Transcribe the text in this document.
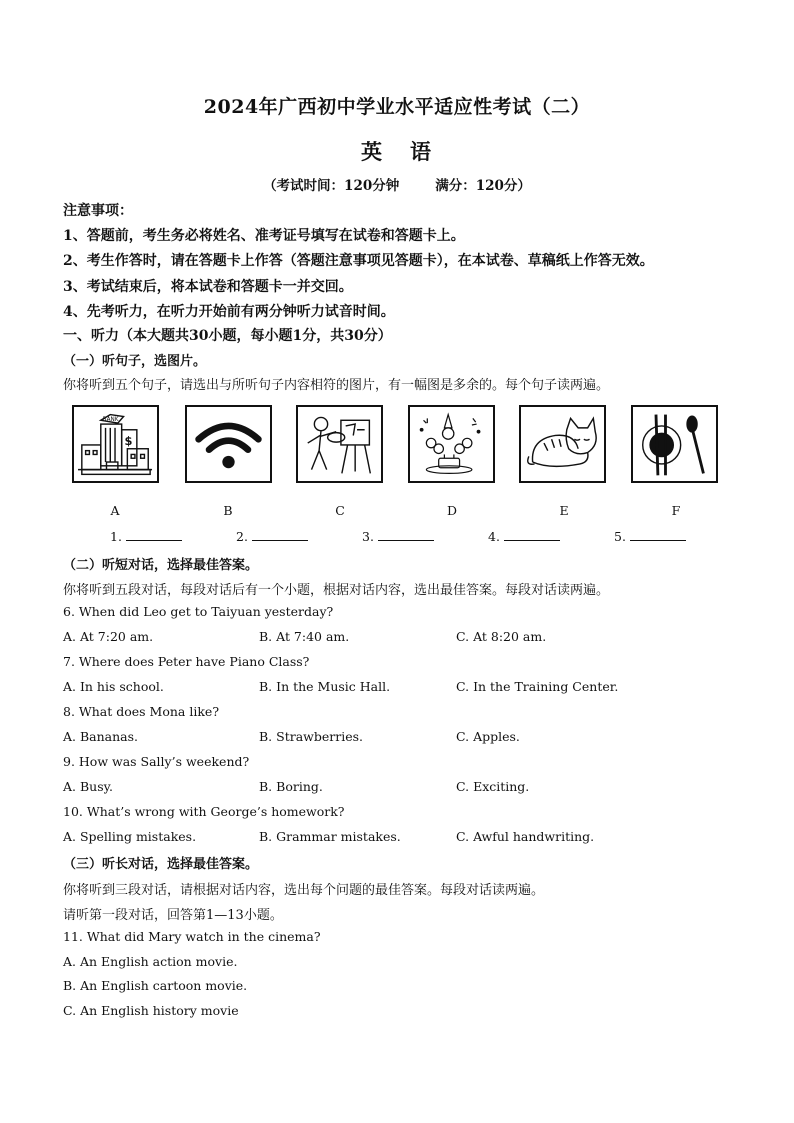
2024年广西初中学业水平适应性考试（二）
英 语
（考试时间：120分钟	满分：120分）
注意事项：
1、答题前，考生务必将姓名、准考证号填写在试卷和答题卡上。
2、考生作答时，请在答题卡上作答（答题注意事项见答题卡），在本试卷、草稿纸上作答无效。
3、考试结束后，将本试卷和答题卡一并交回。
4、先考听力，在听力开始前有两分钟听力试音时间。
一、听力（本大题共30小题，每小题1分，共30分）
（一）听句子，选图片。
你将听到五个句子，请选出与所听句子内容相符的图片，有一幅图是多余的。每个句子读两遍。
BANK
$
A	B	C	D	E	F
1.	2.	3.	4.	5.
（二）听短对话，选择最佳答案。
你将听到五段对话，每段对话后有一个小题，根据对话内容，选出最佳答案。每段对话读两遍。
6. When did Leo get to Taiyuan yesterday?
A. At 7:20 am.	B. At 7:40 am.	C. At 8:20 am.
7. Where does Peter have Piano Class?
A. In his school.	B. In the Music Hall.	C. In the Training Center.
8. What does Mona like?
A. Bananas.	B. Strawberries.	C. Apples.
9. How was Sally’s weekend?
A. Busy.	B. Boring.	C. Exciting.
10. What’s wrong with George’s homework?
A. Spelling mistakes.	B. Grammar mistakes.	C. Awful handwriting.
（三）听长对话，选择最佳答案。
你将听到三段对话，请根据对话内容，选出每个问题的最佳答案。每段对话读两遍。
请听第一段对话，回答第1—13小题。
11. What did Mary watch in the cinema?
A. An English action movie.
B. An English cartoon movie.
C. An English history movie
